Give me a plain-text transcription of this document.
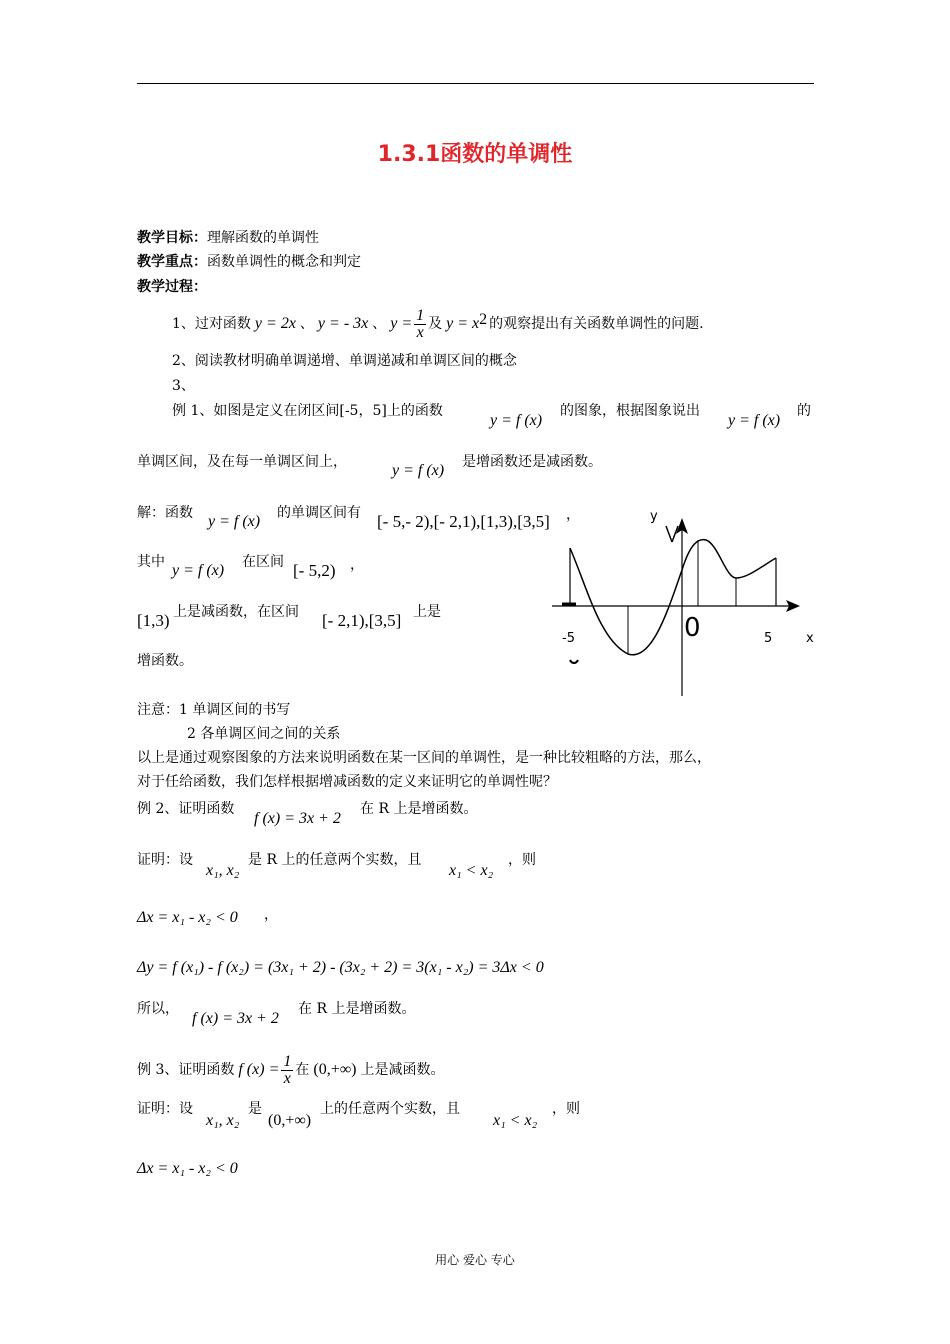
1.3.1函数的单调性
教学目标：理解函数的单调性
教学重点：函数单调性的概念和判定
教学过程：
1、过对函数 y = 2x 、 y = - 3x 、 $y = \frac{1}{x}$ 及 $y = x^2$ 的观察提出有关函数单调性的问题.
2、阅读教材明确单调递增、单调递减和单调区间的概念
3、
例 1、如图是定义在闭区间[-5，5]上的函数
y = f (x)
的图象，根据图象说出
y = f (x)
的
单调区间，及在每一单调区间上，	y = f (x) 是增函数还是减函数。
解：函数 y = f (x) 的单调区间有 [- 5,- 2),[- 2,1),[1,3),[3,5] ，
其中 y = f (x) 在区间 [- 5,2) ，
[1,3) 上是减函数，在区间 [- 2,1),[3,5] 上是
增函数。
y
x
-5	0	5
注意：1 单调区间的书写
2 各单调区间之间的关系
以上是通过观察图象的方法来说明函数在某一区间的单调性，是一种比较粗略的方法，那么，
对于任给函数，我们怎样根据增减函数的定义来证明它的单调性呢？
例 2、证明函数
f (x) = 3x + 2
在 R 上是增函数。
证明：设
x₁, x₂
是 R 上的任意两个实数，且
x₁ < x₂
，则
Δx = x₁ - x₂ < 0 ，
Δy = f (x₁) - f (x₂) = (3x₁ + 2) - (3x₂ + 2) = 3(x₁ - x₂) = 3Δx < 0
所以，
f (x) = 3x + 2
在 R 上是增函数。
例 3、证明函数 f $(x) = \frac{1}{x}$ 在 (0,+∞) 上是减函数。
证明：设
x₁, x₂
是
(0,+∞)
上的任意两个实数，且
x₁ < x₂
，则
Δx = x₁ - x₂ < 0
用心 爱心 专心
